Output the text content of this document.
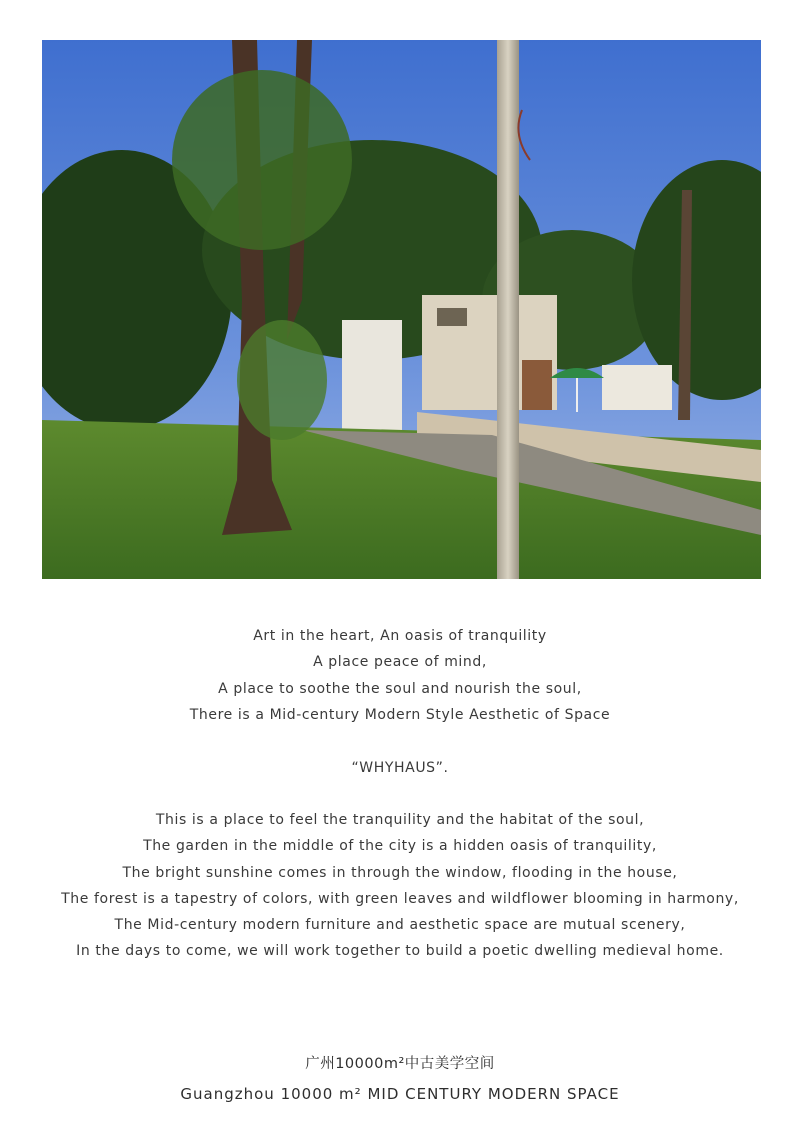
Art in the heart, An oasis of tranquility
A place peace of mind,
A place to soothe the soul and nourish the soul,
There is a Mid-century Modern Style Aesthetic of Space
“WHYHAUS”.
This is a place to feel the tranquility and the habitat of the soul,
The garden in the middle of the city is a hidden oasis of tranquility,
The bright sunshine comes in through the window, flooding in the house,
The forest is a tapestry of colors, with green leaves and wildflower blooming in harmony,
The Mid-century modern furniture and aesthetic space are mutual scenery,
In the days to come, we will work together to build a poetic dwelling medieval home.
广州10000m²中古美学空间
Guangzhou 10000 m² MID CENTURY MODERN SPACE
